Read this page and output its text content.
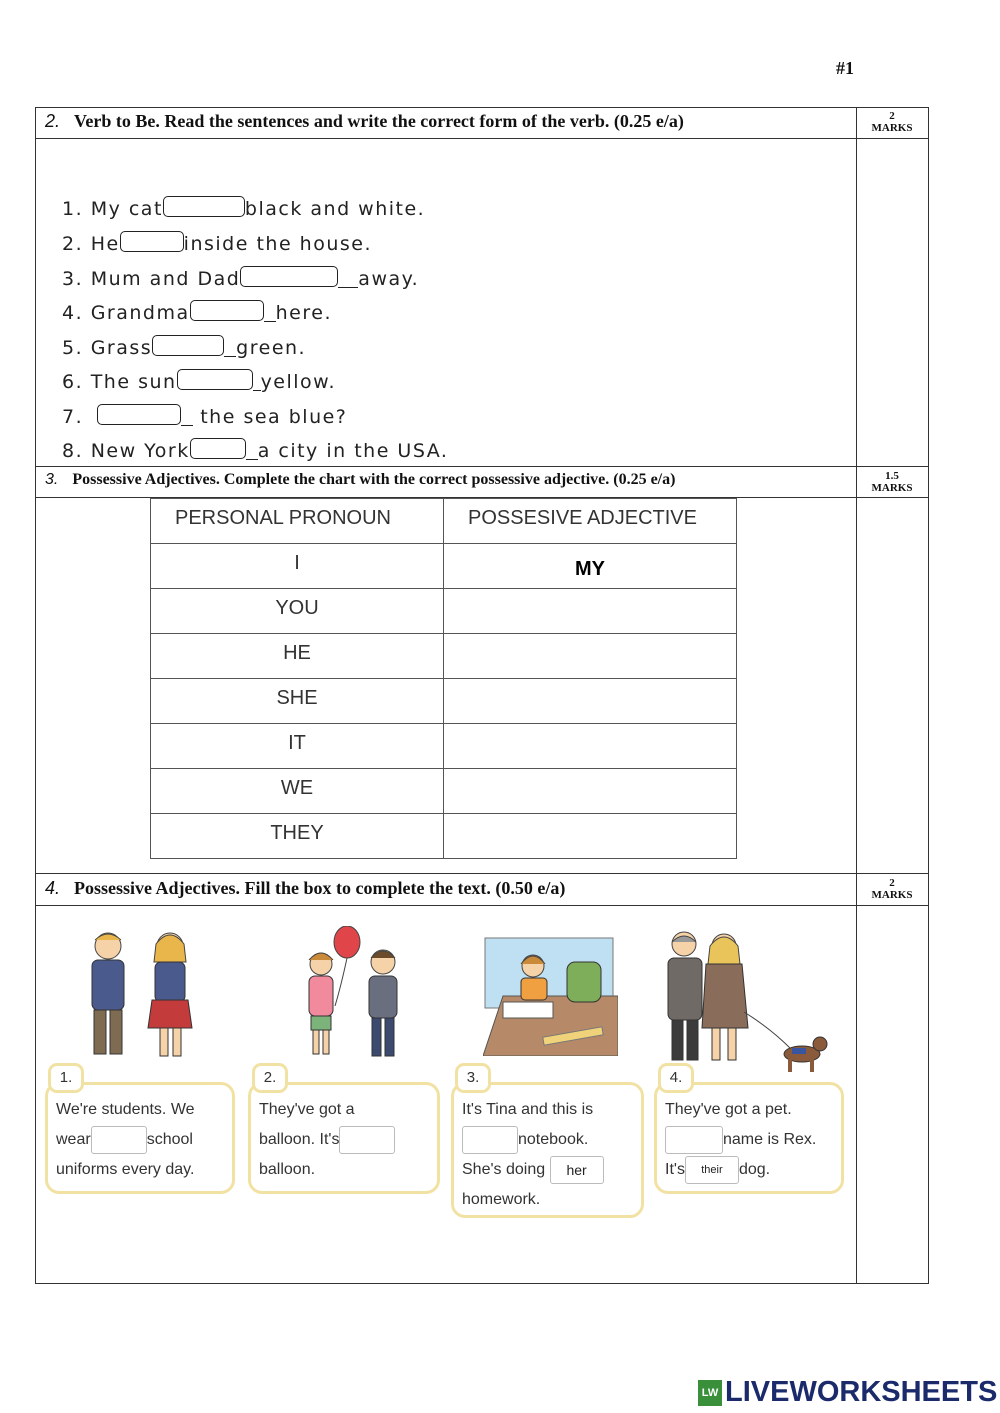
#1
2. Verb to Be. Read the sentences and write the correct form of the verb. (0.25 e/a)	2
MARKS
1. My cat	black and white.
2. He	inside the house.
3. Mum and Dad	away.
4. Grandma	here.
5. Grass	green.
6. The sun	yellow.
7.	the sea blue?
8. New York	a city in the USA.
3. Possessive Adjectives. Complete the chart with the correct possessive adjective. (0.25 e/a)	1.5
MARKS
PERSONAL PRONOUN	POSSESIVE ADJECTIVE
I	MY
YOU	
HE	
SHE	
IT	
WE	
THEY	
4. Possessive Adjectives. Fill the box to complete the text. (0.50 e/a)	2
MARKS
We're students. We
wear	school
uniforms every day.
1.
They've got a
balloon. It's
balloon.
2.
It's Tina and this is
notebook.
She's doing her
homework.
3.
They've got a pet.
name is Rex.
It's their dog.
4.
LW LIVEWORKSHEETS
